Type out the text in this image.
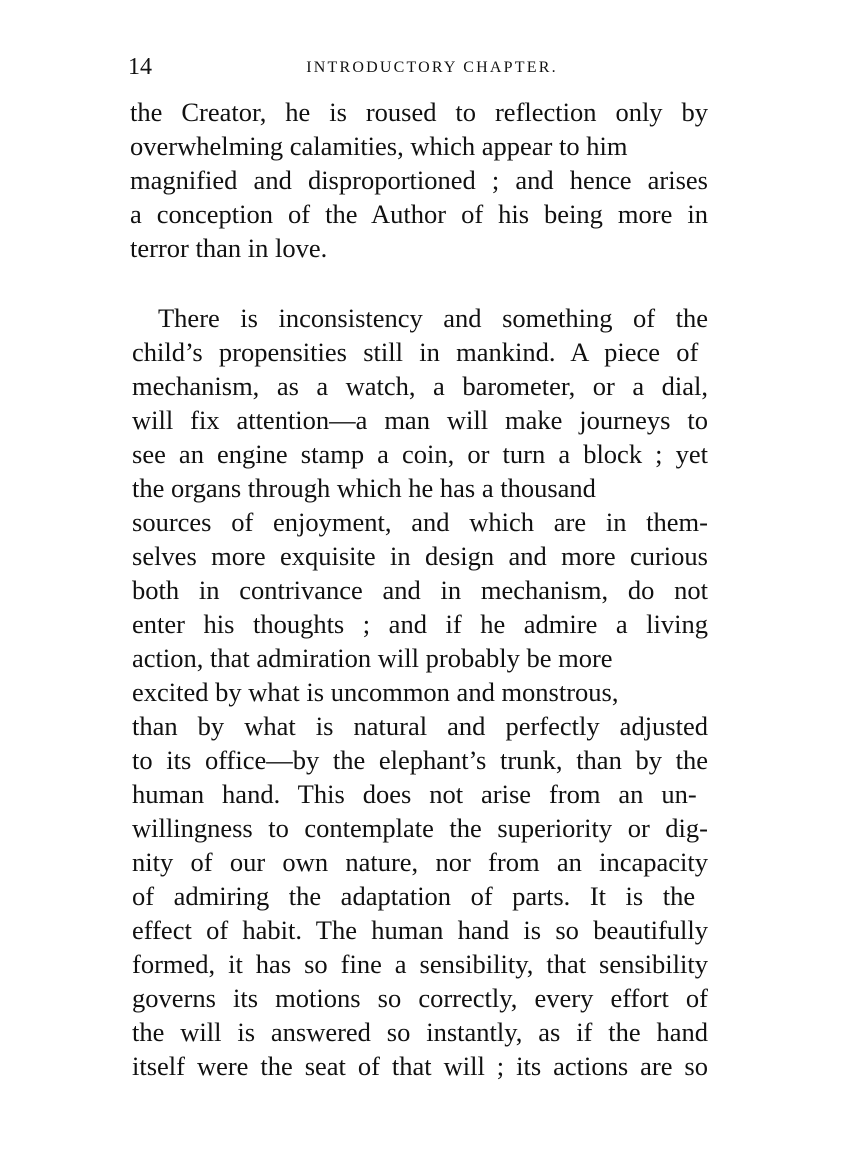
14	INTRODUCTORY CHAPTER.
the Creator, he is roused to reflection only by
overwhelming calamities, which appear to him
magnified and disproportioned ; and hence arises
a conception of the Author of his being more in
terror than in love.
There is inconsistency and something of the
child’s propensities still in mankind. A piece of
mechanism, as a watch, a barometer, or a dial,
will fix attention—a man will make journeys to
see an engine stamp a coin, or turn a block ; yet
the organs through which he has a thousand
sources of enjoyment, and which are in them-
selves more exquisite in design and more curious
both in contrivance and in mechanism, do not
enter his thoughts ; and if he admire a living
action, that admiration will probably be more
excited by what is uncommon and monstrous,
than by what is natural and perfectly adjusted
to its office—by the elephant’s trunk, than by the
human hand. This does not arise from an un-
willingness to contemplate the superiority or dig-
nity of our own nature, nor from an incapacity
of admiring the adaptation of parts. It is the
effect of habit. The human hand is so beautifully
formed, it has so fine a sensibility, that sensibility
governs its motions so correctly, every effort of
the will is answered so instantly, as if the hand
itself were the seat of that will ; its actions are so
